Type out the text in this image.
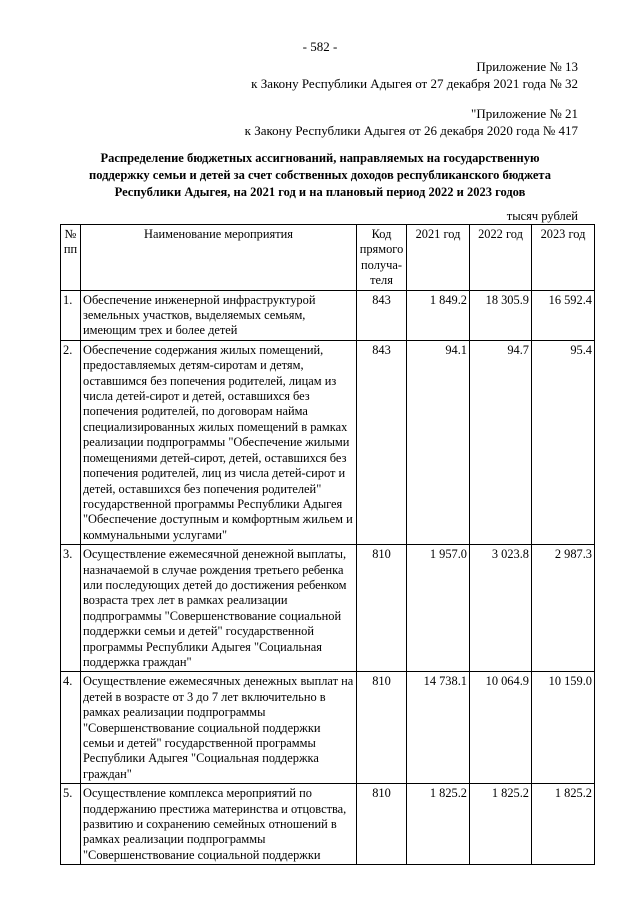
- 582 -
Приложение № 13
к Закону Республики Адыгея от 27 декабря 2021 года № 32
"Приложение № 21
к Закону Республики Адыгея от 26 декабря 2020 года № 417
Распределение бюджетных ассигнований, направляемых на государственную
поддержку семьи и детей за счет собственных доходов республиканского бюджета
Республики Адыгея, на 2021 год и на плановый период 2022 и 2023 годов
тысяч рублей
№ пп	Наименование мероприятия	Код прямого получа-теля	2021 год	2022 год	2023 год
1.	Обеспечение инженерной инфраструктурой земельных участков, выделяемых семьям, имеющим трех и более детей	843	1 849.2	18 305.9	16 592.4
2.	Обеспечение содержания жилых помещений, предоставляемых детям-сиротам и детям, оставшимся без попечения родителей, лицам из числа детей-сирот и детей, оставшихся без попечения родителей, по договорам найма специализированных жилых помещений в рамках реализации подпрограммы "Обеспечение жилыми помещениями детей-сирот, детей, оставшихся без попечения родителей, лиц из числа детей-сирот и детей, оставшихся без попечения родителей" государственной программы Республики Адыгея "Обеспечение доступным и комфортным жильем и коммунальными услугами"	843	94.1	94.7	95.4
3.	Осуществление ежемесячной денежной выплаты, назначаемой в случае рождения третьего ребенка или последующих детей до достижения ребенком возраста трех лет в рамках реализации подпрограммы "Совершенствование социальной поддержки семьи и детей" государственной программы Республики Адыгея "Социальная поддержка граждан"	810	1 957.0	3 023.8	2 987.3
4.	Осуществление ежемесячных денежных выплат на детей в возрасте от 3 до 7 лет включительно в рамках реализации подпрограммы "Совершенствование социальной поддержки семьи и детей" государственной программы Республики Адыгея "Социальная поддержка граждан"	810	14 738.1	10 064.9	10 159.0
5.	Осуществление комплекса мероприятий по поддержанию престижа материнства и отцовства, развитию и сохранению семейных отношений в рамках реализации подпрограммы "Совершенствование социальной поддержки	810	1 825.2	1 825.2	1 825.2
